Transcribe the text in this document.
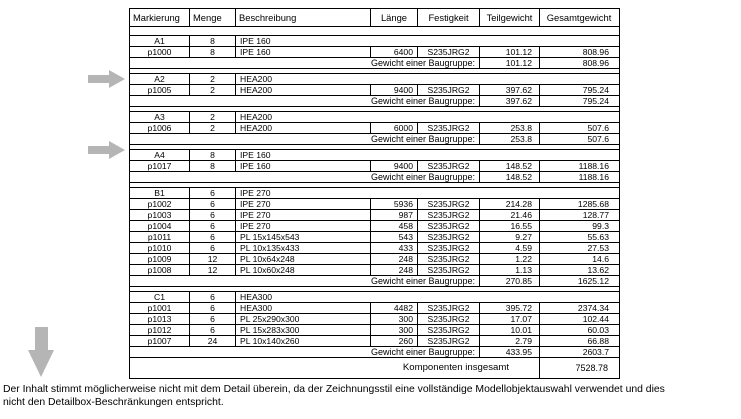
Markierung	Menge	Beschreibung	Länge	Festigkeit	Teilgewicht	Gesamtgewicht
A1	8	IPE 160
p1000	8	IPE 160	6400	S235JRG2	101.12	808.96
Gewicht einer Baugruppe:	101.12	808.96
A2	2	HEA200
p1005	2	HEA200	9400	S235JRG2	397.62	795.24
Gewicht einer Baugruppe:	397.62	795.24
A3	2	HEA200
p1006	2	HEA200	6000	S235JRG2	253.8	507.6
Gewicht einer Baugruppe:	253.8	507.6
A4	8	IPE 160
p1017	8	IPE 160	9400	S235JRG2	148.52	1188.16
Gewicht einer Baugruppe:	148.52	1188.16
B1	6	IPE 270
p1002	6	IPE 270	5936	S235JRG2	214.28	1285.68
p1003	6	IPE 270	987	S235JRG2	21.46	128.77
p1004	6	IPE 270	458	S235JRG2	16.55	99.3
p1011	6	PL 15x145x543	543	S235JRG2	9.27	55.63
p1010	6	PL 10x135x433	433	S235JRG2	4.59	27.53
p1009	12	PL 10x64x248	248	S235JRG2	1.22	14.6
p1008	12	PL 10x60x248	248	S235JRG2	1.13	13.62
Gewicht einer Baugruppe:	270.85	1625.12
C1	6	HEA300
p1001	6	HEA300	4482	S235JRG2	395.72	2374.34
p1013	6	PL 25x290x300	300	S235JRG2	17.07	102.44
p1012	6	PL 15x283x300	300	S235JRG2	10.01	60.03
p1007	24	PL 10x140x260	260	S235JRG2	2.79	66.88
Gewicht einer Baugruppe:	433.95	2603.7
Komponenten insgesamt	7528.78
Der Inhalt stimmt möglicherweise nicht mit dem Detail überein, da der Zeichnungsstil eine vollständige Modellobjektauswahl verwendet und dies
nicht den Detailbox-Beschränkungen entspricht.
